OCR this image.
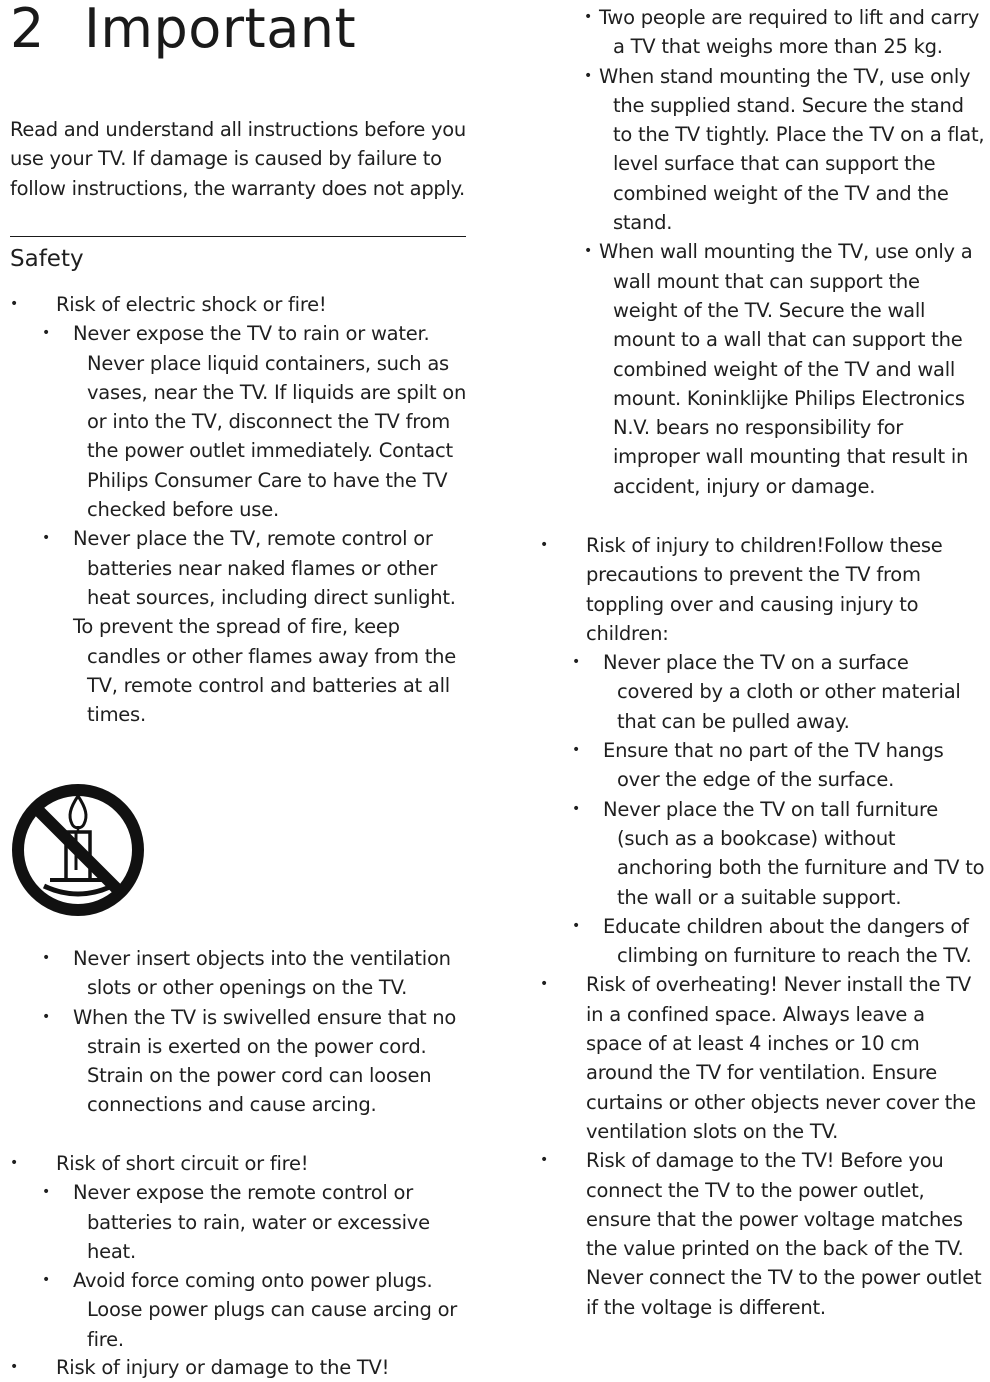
2 Important

Read and understand all instructions before you use your TV. If damage is caused by failure to follow instructions, the warranty does not apply.

Safety
• Risk of electric shock or fire!
• Never expose the TV to rain or water. Never place liquid containers, such as vases, near the TV. If liquids are spilt on or into the TV, disconnect the TV from the power outlet immediately. Contact Philips Consumer Care to have the TV checked before use.
• Never place the TV, remote control or batteries near naked flames or other heat sources, including direct sunlight.
To prevent the spread of fire, keep candles or other flames away from the TV, remote control and batteries at all times.
• Never insert objects into the ventilation slots or other openings on the TV.
• When the TV is swivelled ensure that no strain is exerted on the power cord. Strain on the power cord can loosen connections and cause arcing.
• Risk of short circuit or fire!
• Never expose the remote control or batteries to rain, water or excessive heat.
• Avoid force coming onto power plugs. Loose power plugs can cause arcing or fire.
• Risk of injury or damage to the TV!
• Two people are required to lift and carry a TV that weighs more than 25 kg.
• When stand mounting the TV, use only the supplied stand. Secure the stand to the TV tightly. Place the TV on a flat, level surface that can support the combined weight of the TV and the stand.
• When wall mounting the TV, use only a wall mount that can support the weight of the TV. Secure the wall mount to a wall that can support the combined weight of the TV and wall mount. Koninklijke Philips Electronics N.V. bears no responsibility for improper wall mounting that result in accident, injury or damage.
• Risk of injury to children!Follow these precautions to prevent the TV from toppling over and causing injury to children:
• Never place the TV on a surface covered by a cloth or other material that can be pulled away.
• Ensure that no part of the TV hangs over the edge of the surface.
• Never place the TV on tall furniture (such as a bookcase) without anchoring both the furniture and TV to the wall or a suitable support.
• Educate children about the dangers of climbing on furniture to reach the TV.
• Risk of overheating! Never install the TV in a confined space. Always leave a space of at least 4 inches or 10 cm around the TV for ventilation. Ensure curtains or other objects never cover the ventilation slots on the TV.
• Risk of damage to the TV! Before you connect the TV to the power outlet, ensure that the power voltage matches the value printed on the back of the TV. Never connect the TV to the power outlet if the voltage is different.
